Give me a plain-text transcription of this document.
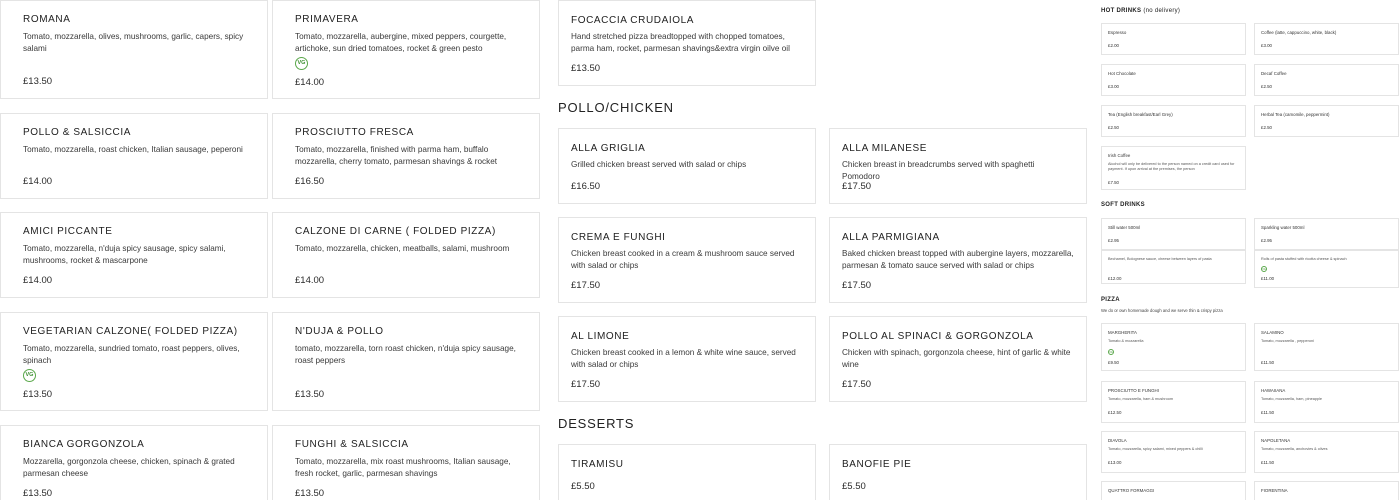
ROMANA
Tomato, mozzarella, olives, mushrooms, garlic, capers, spicy salami
£13.50
POLLO & SALSICCIA
Tomato, mozzarella, roast chicken, Italian sausage, peperoni
£14.00
AMICI PICCANTE
Tomato, mozzarella, n'duja spicy sausage, spicy salami, mushrooms, rocket & mascarpone
£14.00
VEGETARIAN CALZONE( FOLDED PIZZA)
Tomato, mozzarella, sundried tomato, roast peppers, olives, spinach
VG
£13.50
BIANCA GORGONZOLA
Mozzarella, gorgonzola cheese, chicken, spinach & grated parmesan cheese
£13.50
PRIMAVERA
Tomato, mozzarella, aubergine, mixed peppers, courgette, artichoke, sun dried tomatoes, rocket & green pesto
VG
£14.00
PROSCIUTTO FRESCA
Tomato, mozzarella, finished with parma ham, buffalo mozzarella, cherry tomato, parmesan shavings & rocket
£16.50
CALZONE DI CARNE ( FOLDED PIZZA)
Tomato, mozzarella, chicken, meatballs, salami, mushroom
£14.00
N'DUJA & POLLO
tomato, mozzarella, torn roast chicken, n'duja spicy sausage, roast peppers
£13.50
FUNGHI & SALSICCIA
Tomato, mozzarella, mix roast mushrooms, Italian sausage, fresh rocket, garlic, parmesan shavings
£13.50
FOCACCIA CRUDAIOLA
Hand stretched pizza breadtopped with chopped tomatoes, parma ham, rocket, parmesan shavings&extra virgin oilve oil
£13.50
POLLO/CHICKEN
ALLA GRIGLIA
Grilled chicken breast served with salad or chips
£16.50
ALLA MILANESE
Chicken breast in breadcrumbs served with spaghetti Pomodoro
£17.50
CREMA E FUNGHI
Chicken breast cooked in a cream & mushroom sauce served with salad or chips
£17.50
ALLA PARMIGIANA
Baked chicken breast topped with aubergine layers, mozzarella, parmesan & tomato sauce served with salad or chips
£17.50
AL LIMONE
Chicken breast cooked in a lemon & white wine sauce, served with salad or chips
£17.50
POLLO AL SPINACI & GORGONZOLA
Chicken with spinach, gorgonzola cheese, hint of garlic & white wine
£17.50
DESSERTS
TIRAMISU
£5.50
BANOFIE PIE
£5.50
HOT DRINKS (no delivery)
Espresso
£2.00
Coffee (latte, cappuccino, white, black)
£3.00
Hot Chocolate
£3.00
Decaf Coffee
£2.50
Tea (English breakfast/Earl Grey)
£2.50
Herbal Tea (camomile, peppermint)
£2.50
Irish Coffee
Alcohol will only be delivered to the person named on a credit card used for payment. If upon arrival at the premises, the person
£7.50
SOFT DRINKS
Still water 500ml
£2.95
Sparkling water 500ml
£2.95
Bechamel, Bolognese sauce, cheese between layers of pasta
£12.00
Rolls of pasta stuffed with ricotta cheese & spinach
VG
£11.00
PIZZA
We do or own homemade dough and we serve thin & crispy pizza
MARGHERITA
Tomato & mozzarella
VG
£9.50
SALAMINO
Tomato, mozzarella , pepperoni
£11.50
PROSCIUTTO E FUNGHI
Tomato, mozzarella, ham & mushroom
£12.50
HAWAIIANA
Tomato, mozzarella, ham, pineapple
£11.50
DIAVOLA
Tomato, mozzarella, spicy salami, mixed peppers & chilli
£13.00
NAPOLETANA
Tomato, mozzarella, anchovies & olives
£11.50
QUATTRO FORMAGGI	FIORENTINA
